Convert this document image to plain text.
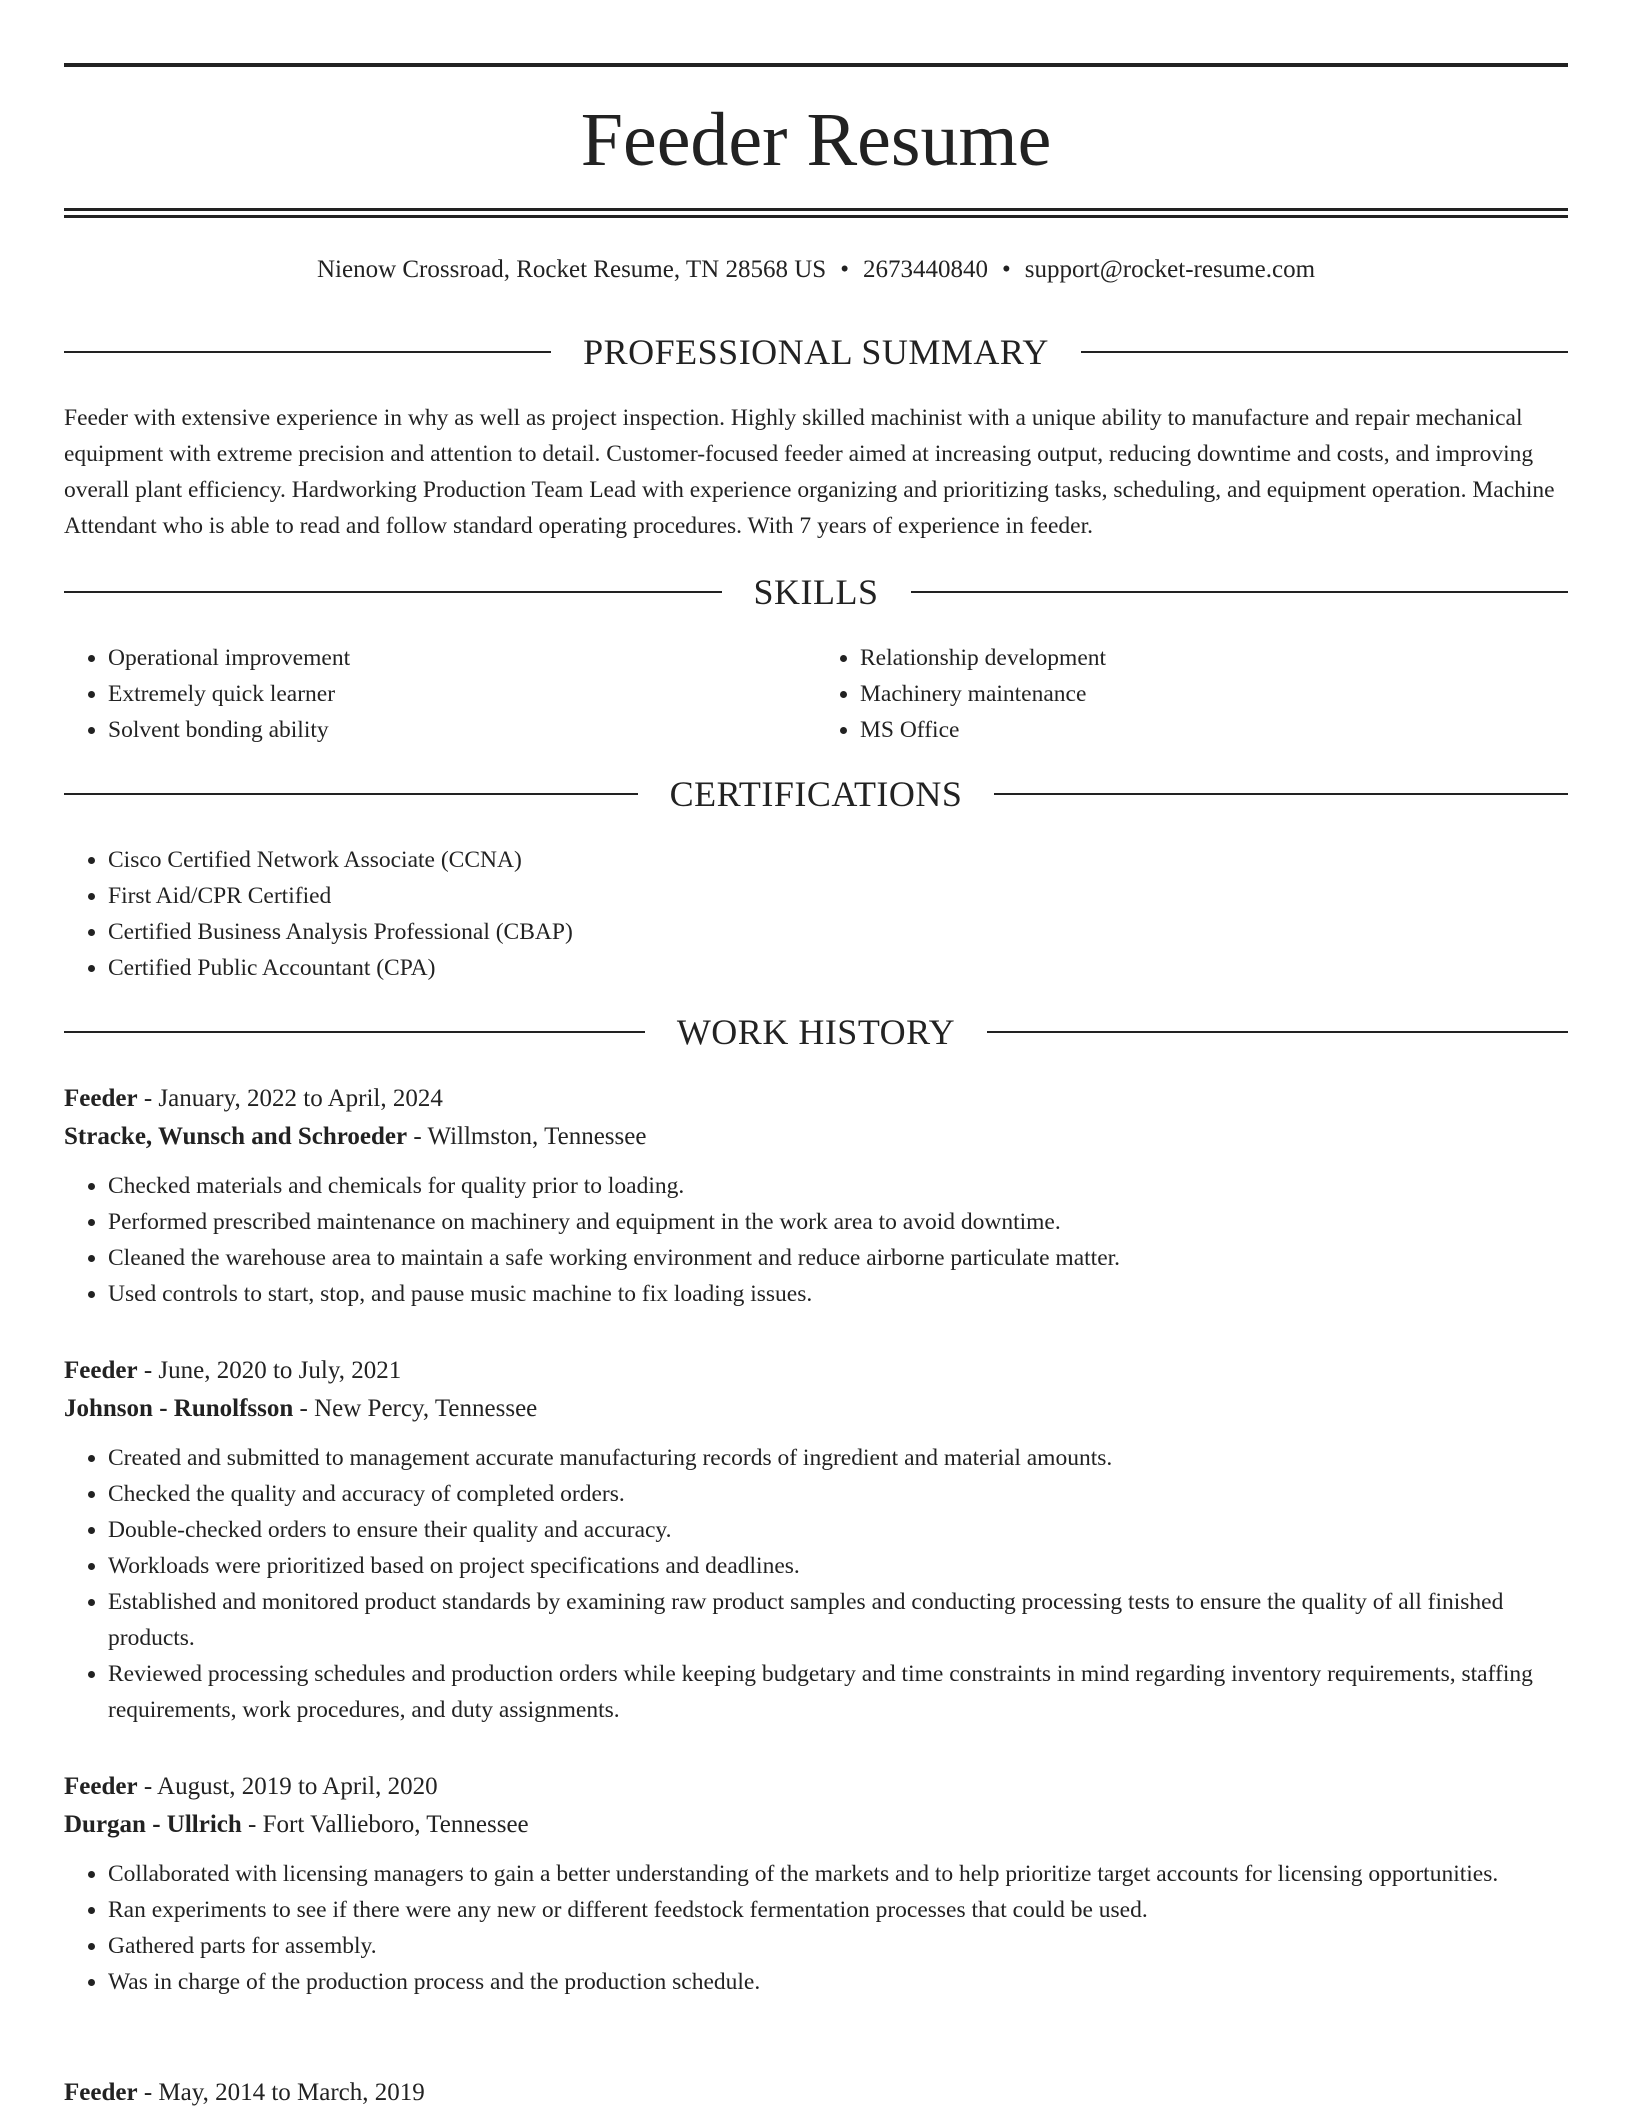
Feeder Resume
Nienow Crossroad, Rocket Resume, TN 28568 US • 2673440840 • support@rocket-resume.com
PROFESSIONAL SUMMARY

Feeder with extensive experience in why as well as project inspection. Highly skilled machinist with a unique ability to manufacture and repair mechanical equipment with extreme precision and attention to detail. Customer-focused feeder aimed at increasing output, reducing downtime and costs, and improving overall plant efficiency. Hardworking Production Team Lead with experience organizing and prioritizing tasks, scheduling, and equipment operation. Machine Attendant who is able to read and follow standard operating procedures. With 7 years of experience in feeder.

SKILLS
• Operational improvement
• Extremely quick learner
• Solvent bonding ability
• Relationship development
• Machinery maintenance
• MS Office
CERTIFICATIONS
• Cisco Certified Network Associate (CCNA)
• First Aid/CPR Certified
• Certified Business Analysis Professional (CBAP)
• Certified Public Accountant (CPA)
WORK HISTORY
Feeder - January, 2022 to April, 2024
Stracke, Wunsch and Schroeder - Willmston, Tennessee
• Checked materials and chemicals for quality prior to loading.
• Performed prescribed maintenance on machinery and equipment in the work area to avoid downtime.
• Cleaned the warehouse area to maintain a safe working environment and reduce airborne particulate matter.
• Used controls to start, stop, and pause music machine to fix loading issues.
Feeder - June, 2020 to July, 2021
Johnson - Runolfsson - New Percy, Tennessee
• Created and submitted to management accurate manufacturing records of ingredient and material amounts.
• Checked the quality and accuracy of completed orders.
• Double-checked orders to ensure their quality and accuracy.
• Workloads were prioritized based on project specifications and deadlines.
• Established and monitored product standards by examining raw product samples and conducting processing tests to ensure the quality of all finished products.
• Reviewed processing schedules and production orders while keeping budgetary and time constraints in mind regarding inventory requirements, staffing requirements, work procedures, and duty assignments.
Feeder - August, 2019 to April, 2020
Durgan - Ullrich - Fort Vallieboro, Tennessee
• Collaborated with licensing managers to gain a better understanding of the markets and to help prioritize target accounts for licensing opportunities.
• Ran experiments to see if there were any new or different feedstock fermentation processes that could be used.
• Gathered parts for assembly.
• Was in charge of the production process and the production schedule.
Feeder - May, 2014 to March, 2019
